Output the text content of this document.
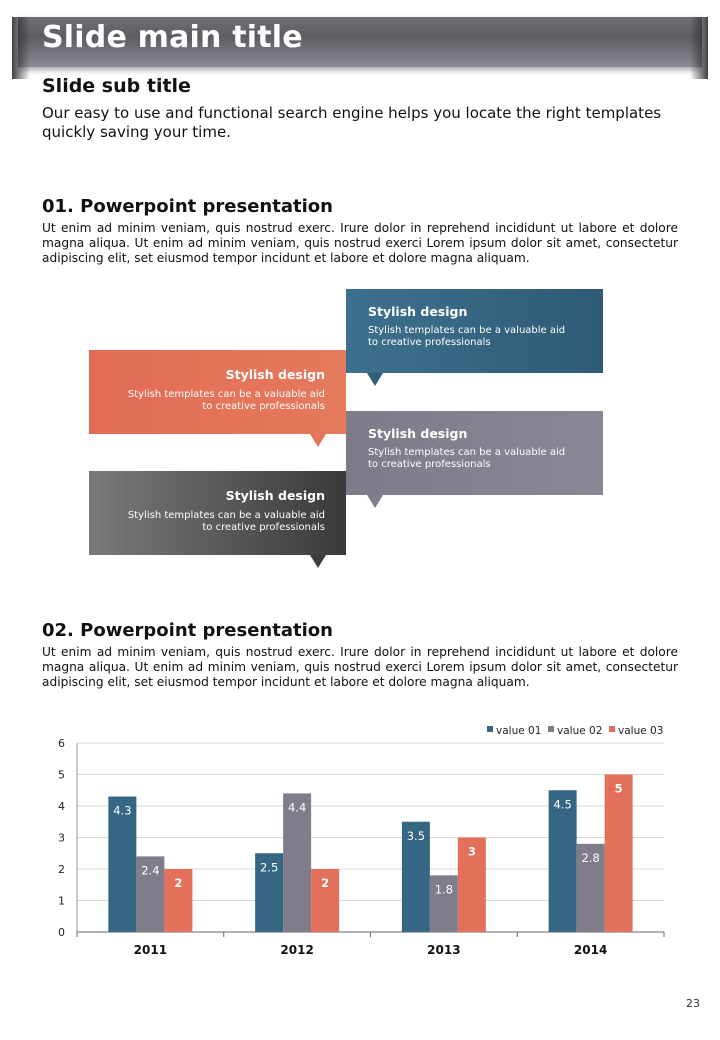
Slide main title
Slide sub title
Our easy to use and functional search engine helps you locate the right templates quickly saving your time.
01. Powerpoint presentation
Ut enim ad minim veniam, quis nostrud exerc. Irure dolor in reprehend incididunt ut labore et dolore magna aliqua. Ut enim ad minim veniam, quis nostrud exerci Lorem ipsum dolor sit amet, consectetur adipiscing elit, set eiusmod tempor incidunt et labore et dolore magna aliquam.
Stylish design
Stylish templates can be a valuable aid to creative professionals
Stylish design
Stylish templates can be a valuable aid to creative professionals
Stylish design
Stylish templates can be a valuable aid to creative professionals
Stylish design
Stylish templates can be a valuable aid to creative professionals
02. Powerpoint presentation
Ut enim ad minim veniam, quis nostrud exerc. Irure dolor in reprehend incididunt ut labore et dolore magna aliqua. Ut enim ad minim veniam, quis nostrud exerci Lorem ipsum dolor sit amet, consectetur adipiscing elit, set eiusmod tempor incidunt et labore et dolore magna aliquam.
0
1
2
3
4
5
6
2011
4.3
2.4
2
2012
2.5
4.4
2
2013
3.5
1.8
3
2014
4.5
2.8
5
value 01 value 02 value 03
23
